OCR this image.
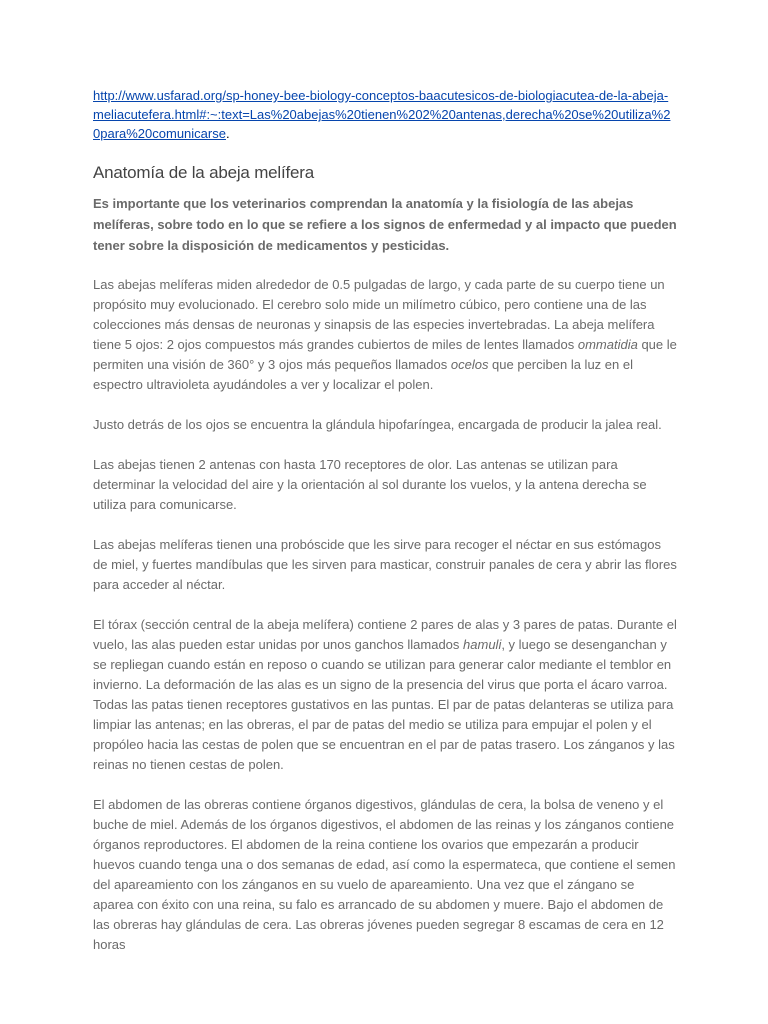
http://www.usfarad.org/sp-honey-bee-biology-conceptos-baacutesicos-de-biologiacutea-de-la-abeja-meliacutefera.html#:~:text=Las%20abejas%20tienen%202%20antenas,derecha%20se%20utiliza%20para%20comunicarse.

Anatomía de la abeja melífera

Es importante que los veterinarios comprendan la anatomía y la fisiología de las abejas melíferas, sobre todo en lo que se refiere a los signos de enfermedad y al impacto que pueden tener sobre la disposición de medicamentos y pesticidas.

Las abejas melíferas miden alrededor de 0.5 pulgadas de largo, y cada parte de su cuerpo tiene un propósito muy evolucionado. El cerebro solo mide un milímetro cúbico, pero contiene una de las colecciones más densas de neuronas y sinapsis de las especies invertebradas. La abeja melífera tiene 5 ojos: 2 ojos compuestos más grandes cubiertos de miles de lentes llamados ommatidia que le permiten una visión de 360° y 3 ojos más pequeños llamados ocelos que perciben la luz en el espectro ultravioleta ayudándoles a ver y localizar el polen.

Justo detrás de los ojos se encuentra la glándula hipofaríngea, encargada de producir la jalea real.

Las abejas tienen 2 antenas con hasta 170 receptores de olor. Las antenas se utilizan para determinar la velocidad del aire y la orientación al sol durante los vuelos, y la antena derecha se utiliza para comunicarse.

Las abejas melíferas tienen una probóscide que les sirve para recoger el néctar en sus estómagos de miel, y fuertes mandíbulas que les sirven para masticar, construir panales de cera y abrir las flores para acceder al néctar.

El tórax (sección central de la abeja melífera) contiene 2 pares de alas y 3 pares de patas. Durante el vuelo, las alas pueden estar unidas por unos ganchos llamados hamuli, y luego se desenganchan y se repliegan cuando están en reposo o cuando se utilizan para generar calor mediante el temblor en invierno. La deformación de las alas es un signo de la presencia del virus que porta el ácaro varroa. Todas las patas tienen receptores gustativos en las puntas. El par de patas delanteras se utiliza para limpiar las antenas; en las obreras, el par de patas del medio se utiliza para empujar el polen y el propóleo hacia las cestas de polen que se encuentran en el par de patas trasero. Los zánganos y las reinas no tienen cestas de polen.

El abdomen de las obreras contiene órganos digestivos, glándulas de cera, la bolsa de veneno y el buche de miel. Además de los órganos digestivos, el abdomen de las reinas y los zánganos contiene órganos reproductores. El abdomen de la reina contiene los ovarios que empezarán a producir huevos cuando tenga una o dos semanas de edad, así como la espermateca, que contiene el semen del apareamiento con los zánganos en su vuelo de apareamiento. Una vez que el zángano se aparea con éxito con una reina, su falo es arrancado de su abdomen y muere. Bajo el abdomen de las obreras hay glándulas de cera. Las obreras jóvenes pueden segregar 8 escamas de cera en 12 horas
